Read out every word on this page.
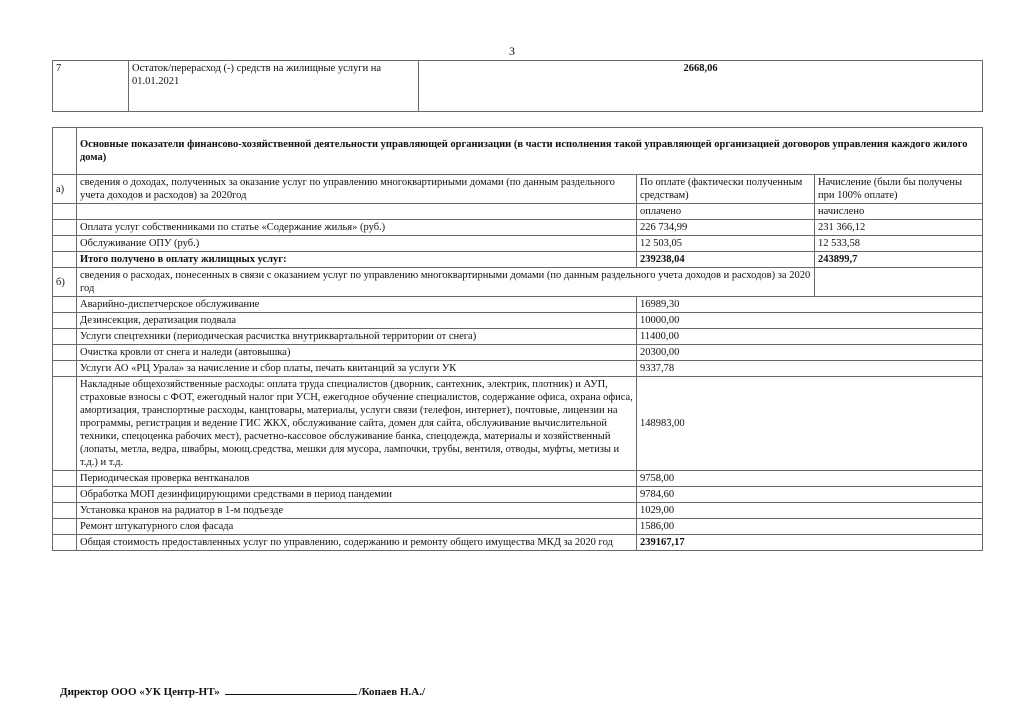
3
7	Остаток/перерасход (-) средств на жилищные услуги на 01.01.2021	2668,06
	Основные показатели финансово-хозяйственной деятельности управляющей организации (в части исполнения такой управляющей организацией договоров управления каждого жилого дома)		
а)	сведения о доходах, полученных за оказание услуг по управлению многоквартирными домами (по данным раздельного учета доходов и расходов) за 2020год	По оплате (фактически полученным средствам)	Начисление (были бы получены при 100% оплате)
		оплачено	начислено
	Оплата услуг собственниками по статье «Содержание жилья» (руб.)	226 734,99	231 366,12
	Обслуживание ОПУ (руб.)	12 503,05	12 533,58
	Итого получено в оплату жилищных услуг:	239238,04	243899,7
б)	сведения о расходах, понесенных в связи с оказанием услуг по управлению многоквартирными домами (по данным раздельного учета доходов и расходов) за 2020 год		
	Аварийно-диспетчерское обслуживание	16989,30	
	Дезинсекция, дератизация подвала	10000,00	
	Услуги спецтехники (периодическая расчистка внутриквартальной территории от снега)	11400,00	
	Очистка кровли от снега и наледи (автовышка)	20300,00	
	Услуги АО «РЦ Урала» за начисление и сбор платы, печать квитанций за услуги УК	9337,78	
	Накладные общехозяйственные расходы: оплата труда специалистов (дворник, сантехник, электрик, плотник) и АУП, страховые взносы с ФОТ, ежегодный налог при УСН, ежегодное обучение специалистов, содержание офиса, охрана офиса, амортизация, транспортные расходы, канцтовары, материалы, услуги связи (телефон, интернет), почтовые, лицензии на программы, регистрация и ведение ГИС ЖКХ, обслуживание сайта, домен для сайта, обслуживание вычислительной техники, спецоценка рабочих мест), расчетно-кассовое обслуживание банка, спецодежда, материалы и хозяйственный (лопаты, метла, ведра, швабры, моющ.средства, мешки для мусора, лампочки, трубы, вентиля, отводы, муфты, метизы и т.д.) и т.д.	148983,00	
	Периодическая проверка вентканалов	9758,00	
	Обработка МОП дезинфицирующими средствами в период пандемии	9784,60	
	Установка кранов на радиатор в 1-м подъезде	1029,00	
	Ремонт штукатурного слоя фасада	1586,00	
	Общая стоимость предоставленных услуг по управлению, содержанию и ремонту общего имущества МКД за 2020 год	239167,17	
Директор ООО «УК Центр-НТ»	/Копаев Н.А./
